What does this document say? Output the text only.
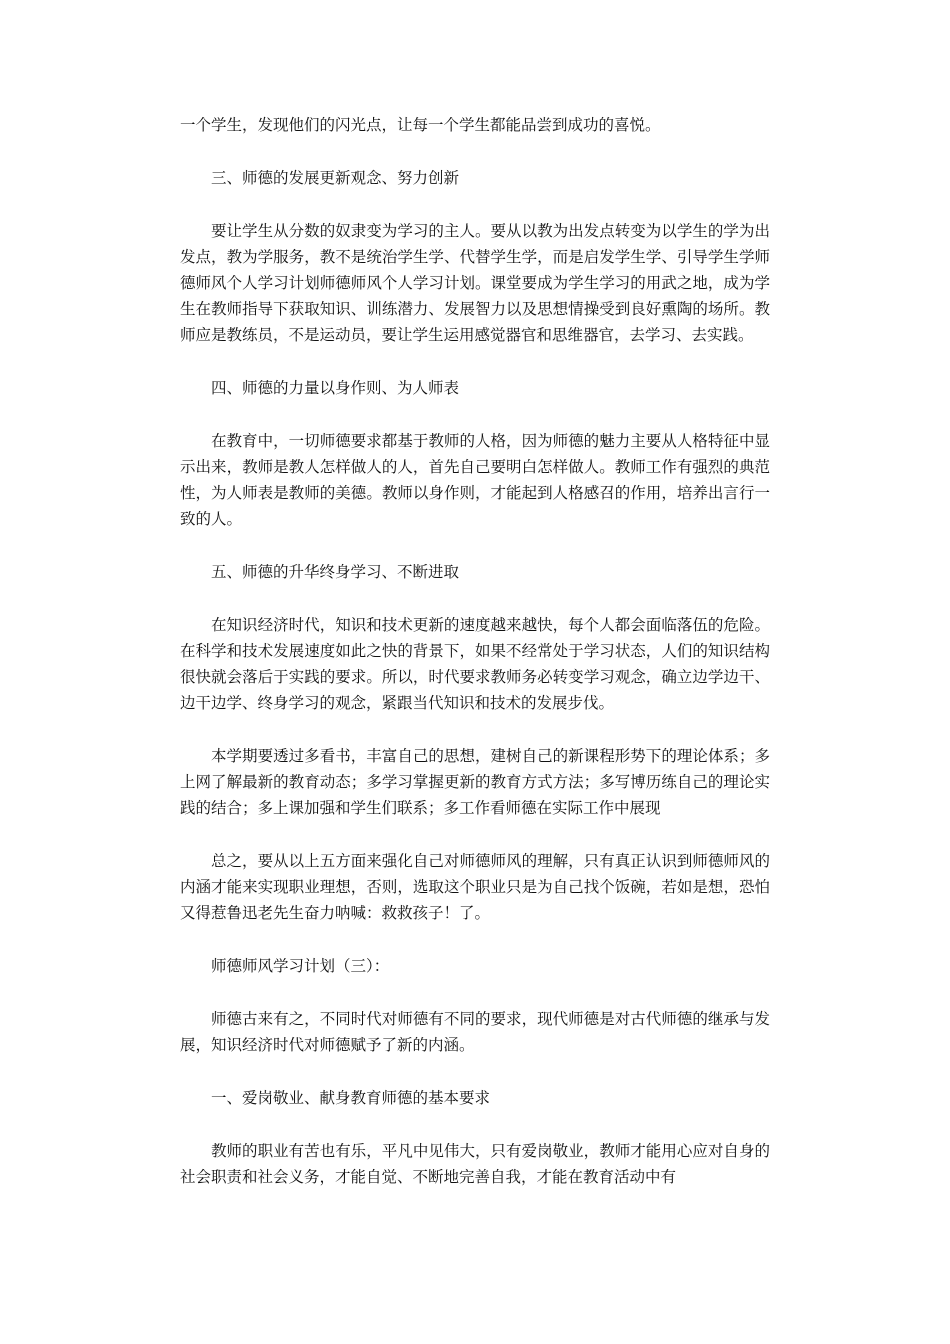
一个学生，发现他们的闪光点，让每一个学生都能品尝到成功的喜悦。

三、师德的发展更新观念、努力创新

要让学生从分数的奴隶变为学习的主人。要从以教为出发点转变为以学生的学为出发点，教为学服务，教不是统治学生学、代替学生学，而是启发学生学、引导学生学师德师风个人学习计划师德师风个人学习计划。课堂要成为学生学习的用武之地，成为学生在教师指导下获取知识、训练潜力、发展智力以及思想情操受到良好熏陶的场所。教师应是教练员，不是运动员，要让学生运用感觉器官和思维器官，去学习、去实践。

四、师德的力量以身作则、为人师表

在教育中，一切师德要求都基于教师的人格，因为师德的魅力主要从人格特征中显示出来，教师是教人怎样做人的人，首先自己要明白怎样做人。教师工作有强烈的典范性，为人师表是教师的美德。教师以身作则，才能起到人格感召的作用，培养出言行一致的人。

五、师德的升华终身学习、不断进取

在知识经济时代，知识和技术更新的速度越来越快，每个人都会面临落伍的危险。在科学和技术发展速度如此之快的背景下，如果不经常处于学习状态，人们的知识结构很快就会落后于实践的要求。所以，时代要求教师务必转变学习观念，确立边学边干、边干边学、终身学习的观念，紧跟当代知识和技术的发展步伐。

本学期要透过多看书，丰富自己的思想，建树自己的新课程形势下的理论体系；多上网了解最新的教育动态；多学习掌握更新的教育方式方法；多写博历练自己的理论实践的结合；多上课加强和学生们联系；多工作看师德在实际工作中展现

总之，要从以上五方面来强化自己对师德师风的理解，只有真正认识到师德师风的内涵才能来实现职业理想，否则，选取这个职业只是为自己找个饭碗，若如是想，恐怕又得惹鲁迅老先生奋力呐喊：救救孩子！了。

师德师风学习计划（三）：

师德古来有之，不同时代对师德有不同的要求，现代师德是对古代师德的继承与发展，知识经济时代对师德赋予了新的内涵。

一、爱岗敬业、献身教育师德的基本要求

教师的职业有苦也有乐，平凡中见伟大，只有爱岗敬业，教师才能用心应对自身的社会职责和社会义务，才能自觉、不断地完善自我，才能在教育活动中有
